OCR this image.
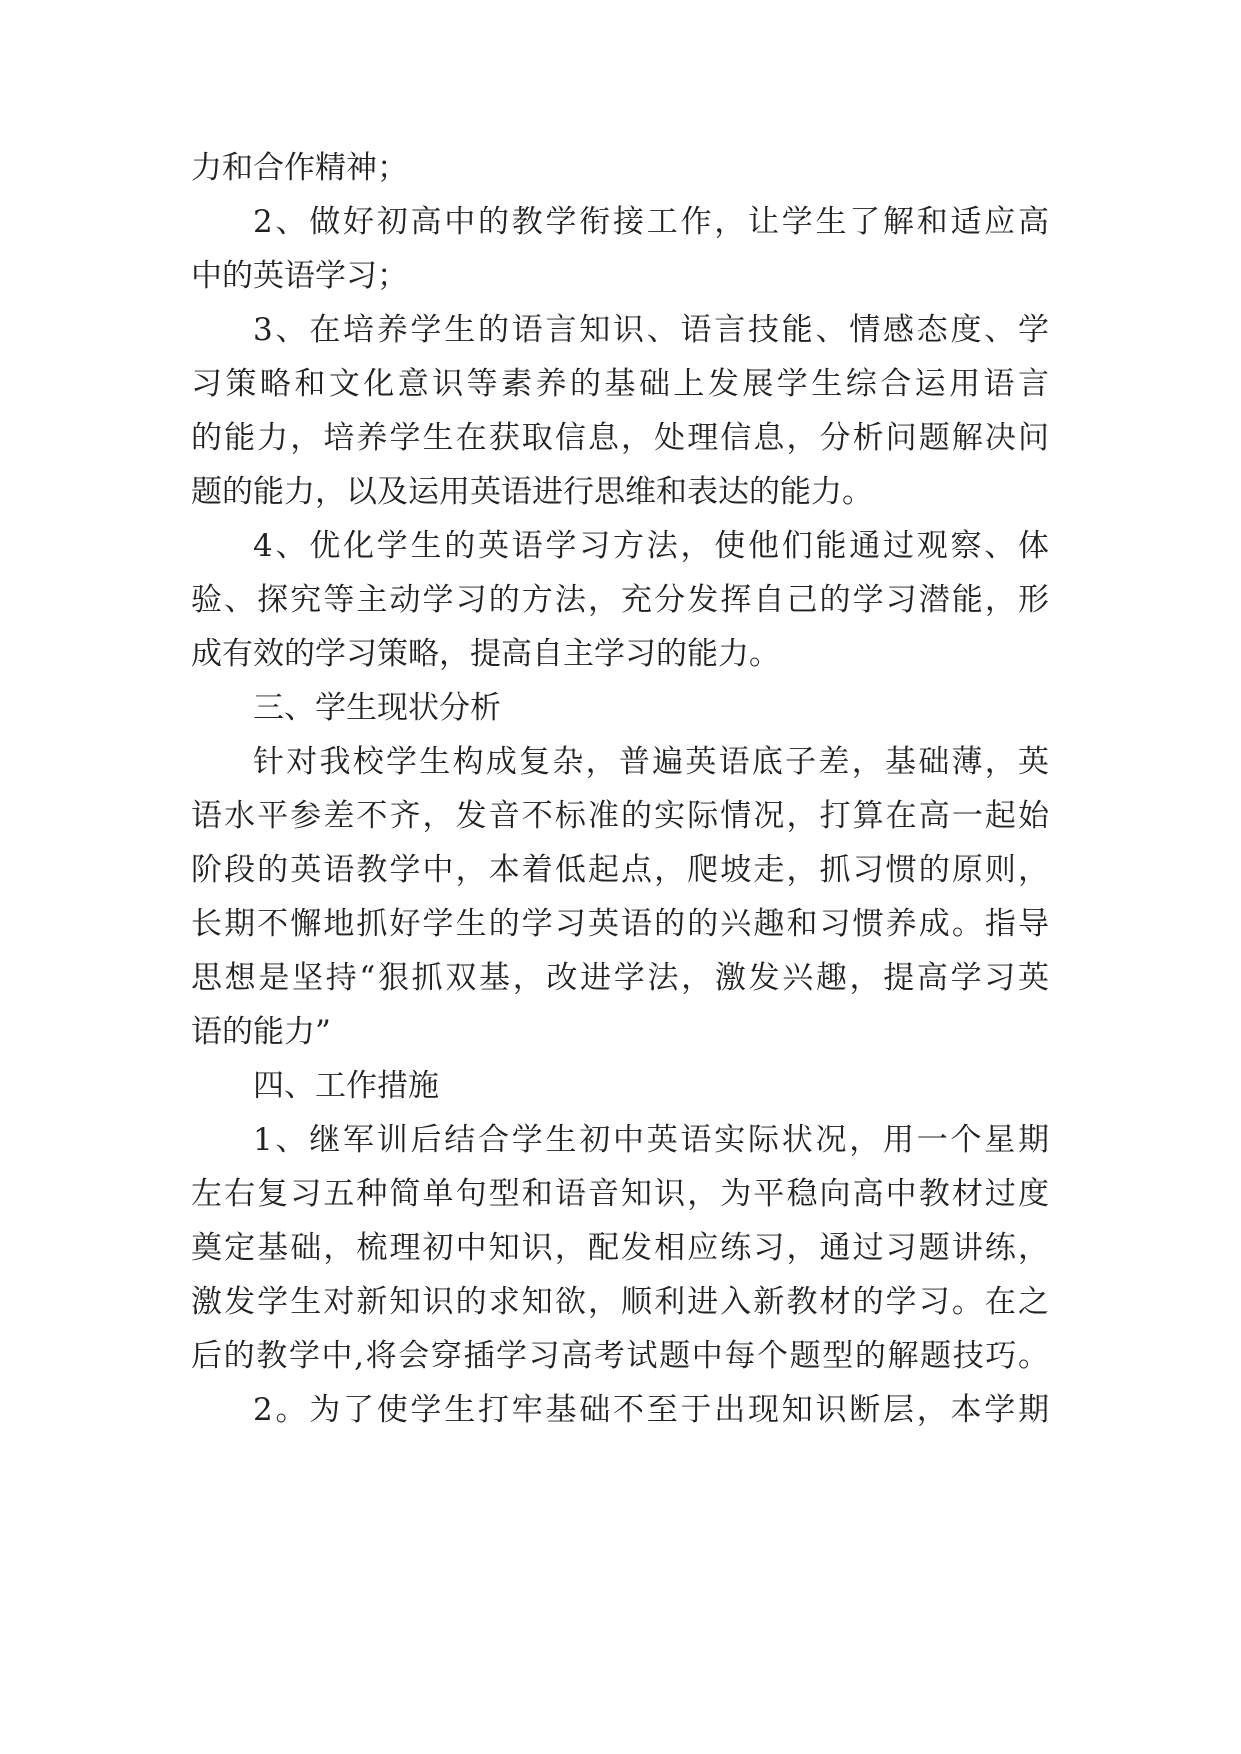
力和合作精神；
2、做好初高中的教学衔接工作，让学生了解和适应高
中的英语学习；
3、在培养学生的语言知识、语言技能、情感态度、学
习策略和文化意识等素养的基础上发展学生综合运用语言
的能力，培养学生在获取信息，处理信息，分析问题解决问
题的能力，以及运用英语进行思维和表达的能力。
4、优化学生的英语学习方法，使他们能通过观察、体
验、探究等主动学习的方法，充分发挥自己的学习潜能，形
成有效的学习策略，提高自主学习的能力。
三、学生现状分析
针对我校学生构成复杂，普遍英语底子差，基础薄，英
语水平参差不齐，发音不标准的实际情况，打算在高一起始
阶段的英语教学中，本着低起点，爬坡走，抓习惯的原则，
长期不懈地抓好学生的学习英语的的兴趣和习惯养成。指导
思想是坚持“狠抓双基，改进学法，激发兴趣，提高学习英
语的能力”
四、工作措施
1、继军训后结合学生初中英语实际状况，用一个星期
左右复习五种简单句型和语音知识，为平稳向高中教材过度
奠定基础，梳理初中知识，配发相应练习，通过习题讲练，
激发学生对新知识的求知欲，顺利进入新教材的学习。在之
后的教学中,将会穿插学习高考试题中每个题型的解题技巧。
2。为了使学生打牢基础不至于出现知识断层，本学期
